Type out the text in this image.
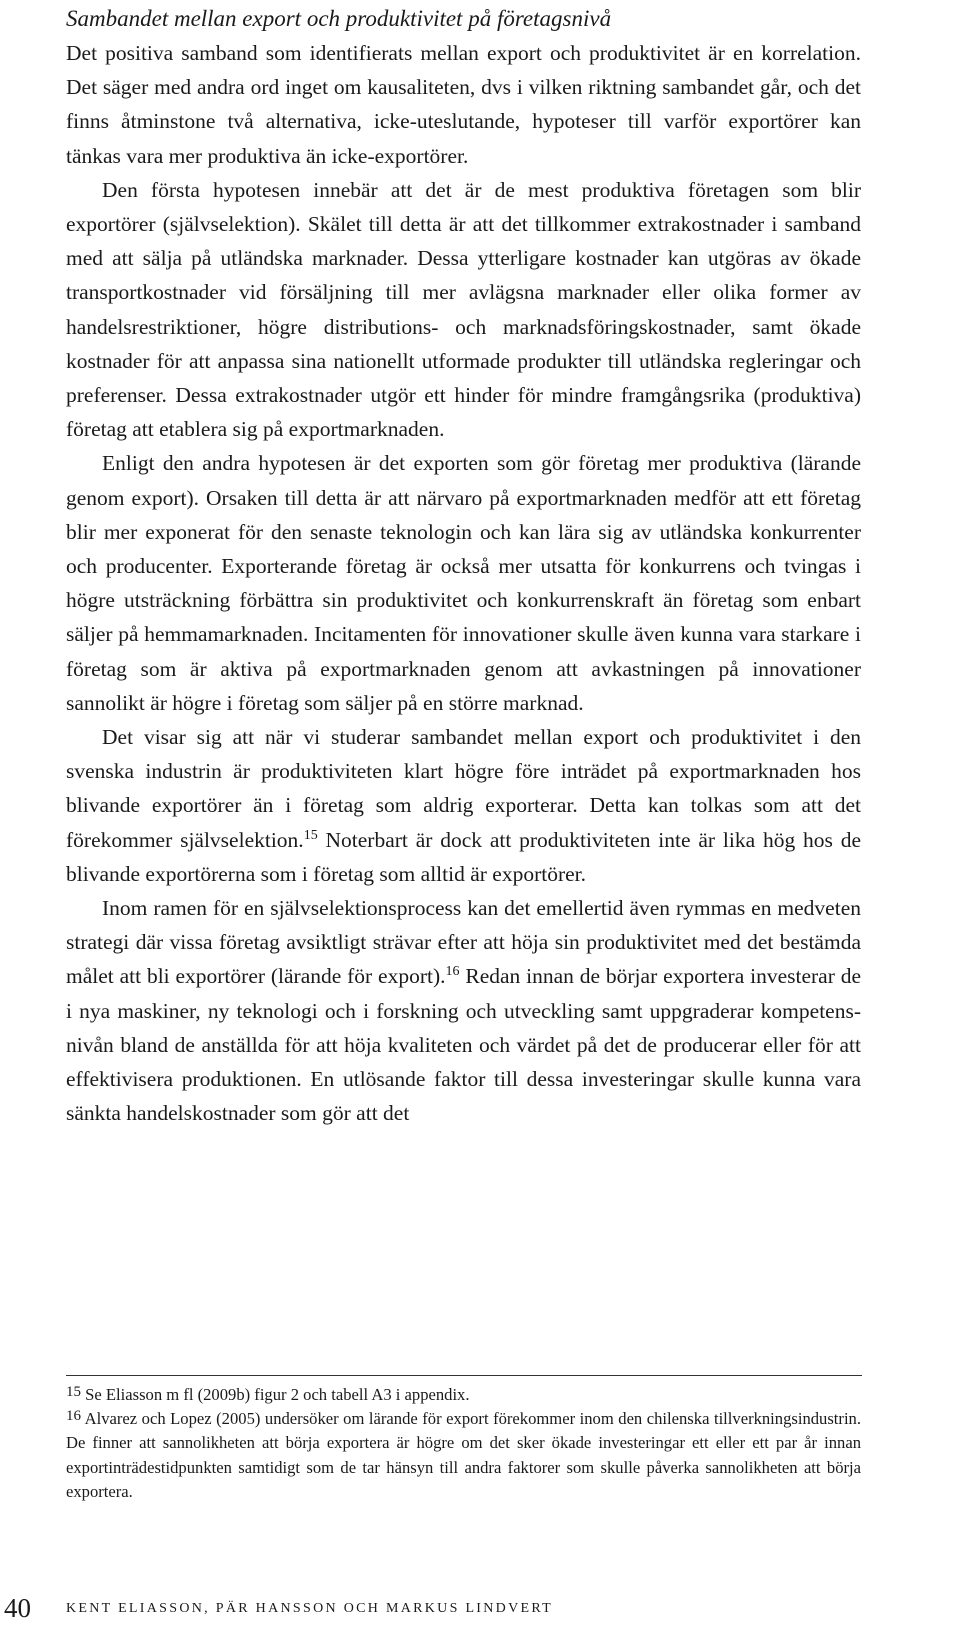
Sambandet mellan export och produktivitet på företagsnivå

Det positiva samband som identifierats mellan export och produktivitet är en korrelation. Det säger med andra ord inget om kausaliteten, dvs i vilken riktning sambandet går, och det finns åtminstone två alternativa, icke-uteslutande, hypoteser till varför exportörer kan tänkas vara mer produktiva än icke-exportörer.

Den första hypotesen innebär att det är de mest produktiva företagen som blir exportörer (självselektion). Skälet till detta är att det tillkommer extrakostnader i samband med att sälja på utländska marknader. Dessa ytterligare kostnader kan utgöras av ökade transportkostnader vid försäljning till mer avlägsna marknader eller olika former av handelsrestriktioner, högre distributions- och marknadsföringskostnader, samt ökade kostnader för att anpassa sina nationellt utformade produkter till utländska regleringar och preferenser. Dessa extrakostnader utgör ett hinder för mindre framgångsrika (produktiva) företag att etablera sig på exportmarknaden.

Enligt den andra hypotesen är det exporten som gör företag mer produktiva (lärande genom export). Orsaken till detta är att närvaro på exportmarknaden medför att ett företag blir mer exponerat för den senaste teknologin och kan lära sig av utländska konkurrenter och producenter. Exporterande företag är också mer utsatta för konkurrens och tvingas i högre utsträckning förbättra sin produktivitet och konkurrenskraft än företag som enbart säljer på hemmamarknaden. Incitamenten för innovationer skulle även kunna vara starkare i företag som är aktiva på exportmarknaden genom att avkastningen på innovationer sannolikt är högre i företag som säljer på en större marknad.

Det visar sig att när vi studerar sambandet mellan export och produktivitet i den svenska industrin är produktiviteten klart högre före inträdet på exportmarknaden hos blivande exportörer än i företag som aldrig exporterar. Detta kan tolkas som att det förekommer självselektion.$^{15}$ Noterbart är dock att produktiviteten inte är lika hög hos de blivande exportörerna som i företag som alltid är exportörer.

Inom ramen för en självselektionsprocess kan det emellertid även rymmas en medveten strategi där vissa företag avsiktligt strävar efter att höja sin produktivitet med det bestämda målet att bli exportörer (lärande för export).$^{16}$ Redan innan de börjar exportera investerar de i nya maskiner, ny teknologi och i forskning och utveckling samt uppgraderar kompetensnivån bland de anställda för att höja kvaliteten och värdet på det de producerar eller för att effektivisera produktionen. En utlösande faktor till dessa investeringar skulle kunna vara sänkta handelskostnader som gör att det

$^{15}$ Se Eliasson m fl (2009b) figur 2 och tabell A3 i appendix.

$^{16}$ Alvarez och Lopez (2005) undersöker om lärande för export förekommer inom den chilenska tillverkningsindustrin. De finner att sannolikheten att börja exportera är högre om det sker ökade investeringar ett eller ett par år innan exportinträdestidpunkten samtidigt som de tar hänsyn till andra faktorer som skulle påverka sannolikheten att börja exportera.

40	KENT ELIASSON, PÄR HANSSON OCH MARKUS LINDVERT
